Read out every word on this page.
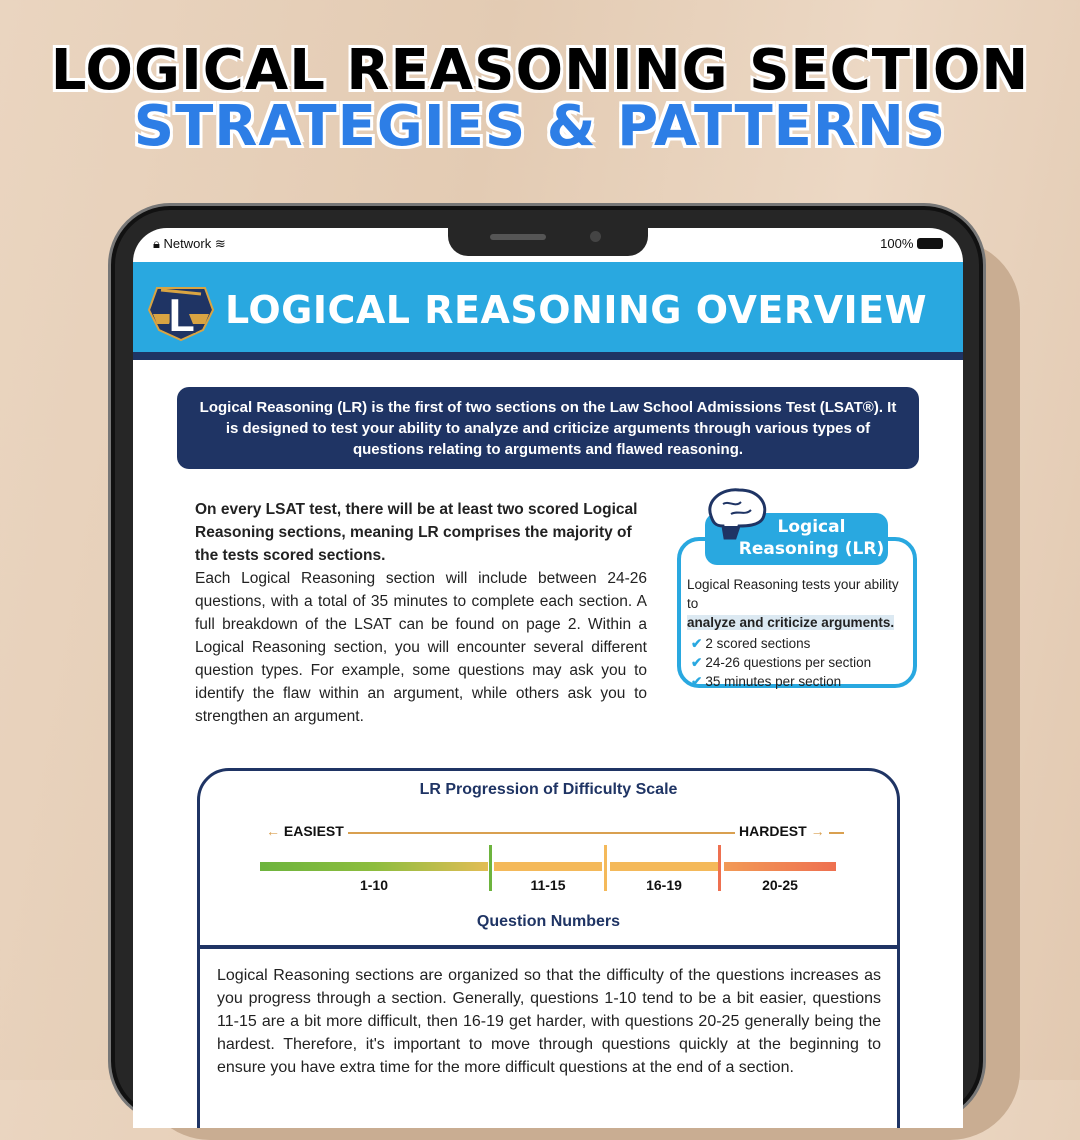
LOGICAL REASONING SECTION
STRATEGIES & PATTERNS
🔒︎ Network ≋	100%
L LOGICAL REASONING OVERVIEW
Logical Reasoning (LR) is the first of two sections on the Law School Admissions Test (LSAT®). It is designed to test your ability to analyze and criticize arguments through various types of questions relating to arguments and flawed reasoning.
On every LSAT test, there will be at least two scored Logical Reasoning sections, meaning LR comprises the majority of the tests scored sections.
Each Logical Reasoning section will include between 24-26 questions, with a total of 35 minutes to complete each section. A full breakdown of the LSAT can be found on page 2. Within a Logical Reasoning section, you will encounter several different question types. For example, some questions may ask you to identify the flaw within an argument, while others ask you to strengthen an argument.
Logical Reasoning tests your ability to
analyze and criticize arguments.
✔ 2 scored sections
✔ 24-26 questions per section
✔ 35 minutes per section
Logical Reasoning (LR)
LR Progression of Difficulty Scale
← EASIEST	HARDEST →
1-10	11-15	16-19	20-25
Question Numbers
Logical Reasoning sections are organized so that the difficulty of the questions increases as you progress through a section. Generally, questions 1-10 tend to be a bit easier, questions 11-15 are a bit more difficult, then 16-19 get harder, with questions 20-25 generally being the hardest. Therefore, it's important to move through questions quickly at the beginning to ensure you have extra time for the more difficult questions at the end of a section.
